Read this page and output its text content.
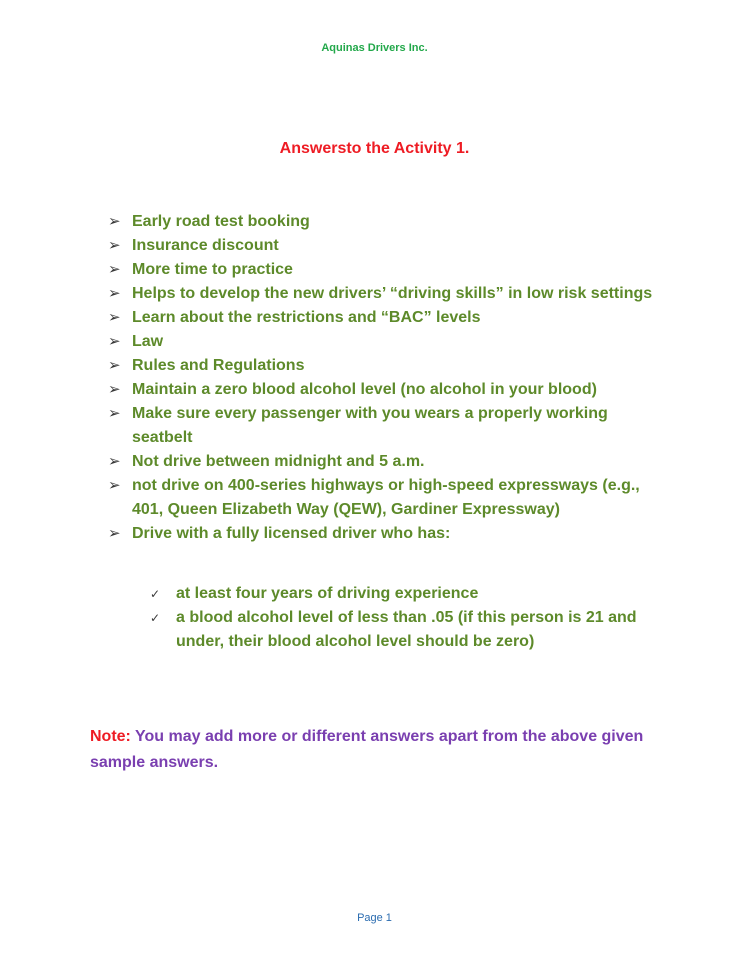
Aquinas Drivers Inc.
Answersto the Activity 1.
➢ Early road test booking
➢ Insurance discount
➢ More time to practice
➢ Helps to develop the new drivers’ “driving skills” in low risk settings
➢ Learn about the restrictions and “BAC” levels
➢ Law
➢ Rules and Regulations
➢ Maintain a zero blood alcohol level (no alcohol in your blood)
➢ Make sure every passenger with you wears a properly working seatbelt
➢ Not drive between midnight and 5 a.m.
➢ not drive on 400-series highways or high-speed expressways (e.g., 401, Queen Elizabeth Way (QEW), Gardiner Expressway)
➢ Drive with a fully licensed driver who has:
✓ at least four years of driving experience
✓ a blood alcohol level of less than .05 (if this person is 21 and under, their blood alcohol level should be zero)
Note: You may add more or different answers apart from the above given sample answers.
Page 1
